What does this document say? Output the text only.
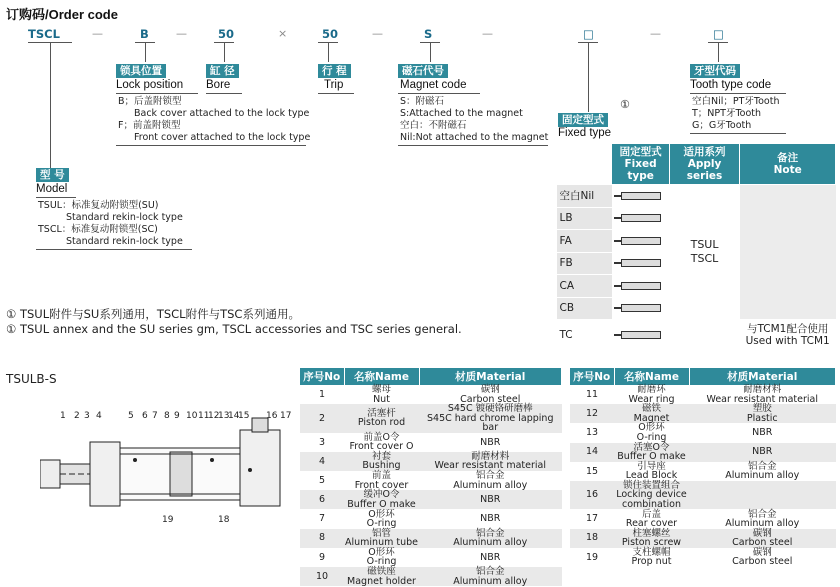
订购码/Order code
TSCL	—	B —	50	×	50	—	S	—	□	—	□
锁具位置
Lock position
B；后盖附锁型
Back cover attached to the lock type
F；前盖附锁型
Front cover attached to the lock type
缸 径
Bore
行 程
Trip
磁石代号
Magnet code
S：附磁石
S:Attached to the magnet
空白：不附磁石
Nil:Not attached to the magnet
固定型式
①
Fixed type
牙型代码
Tooth type code
空白Nil；PT牙Tooth
T；NPT牙Tooth
G；G牙Tooth
型 号
Model
TSUL：标准复动附锁型(SU)
Standard rekin-lock type
TSCL：标准复动附锁型(SC)
Standard rekin-lock type
	固定型式
Fixed type	适用系列
Apply series	备注
Note
空白Nil		TSUL
TSCL	
LB			
FA			
FB			
CA			
CB			
TC			与TCM1配合使用
Used with TCM1
① TSUL附件与SU系列通用，TSCL附件与TSC系列通用。
① TSUL annex and the SU series gm, TSCL accessories and TSC series general.
TSULB-S
1 2 3 4	5 6 7 8 9 10 11
12
13
14
15 16 17
18
19
序号No	名称Name	材质Material
1	螺母
Nut	碳钢
Carbon steel
2	活塞杆
Piston rod	S45C 镀硬铬研磨棒
S45C hard chrome lapping bar
3	前盖O令
Front cover O	NBR

4	衬套
Bushing	耐磨材料
Wear resistant material
5	前盖
Front cover	铝合金
Aluminum alloy
6	缓冲O令
Buffer O make	NBR

7	O形环
O-ring	NBR

8	铝管
Aluminum tube	铝合金
Aluminum alloy
9	O形环
O-ring	NBR

10	磁铁座
Magnet holder	铝合金
Aluminum alloy
序号No	名称Name	材质Material
11	耐磨环
Wear ring	耐磨材料
Wear resistant material
12	磁铁
Magnet	塑胶
Plastic
13	O形环
O-ring	NBR

14	活塞O令
Buffer O make	NBR

15	引导座
Lead Block	铝合金
Aluminum alloy
16	锁住装置组合
Locking device combination	

17	后盖
Rear cover	铝合金
Aluminum alloy
18	柱塞螺丝
Piston screw	碳钢
Carbon steel
19	支柱螺帽
Prop nut	碳钢
Carbon steel
